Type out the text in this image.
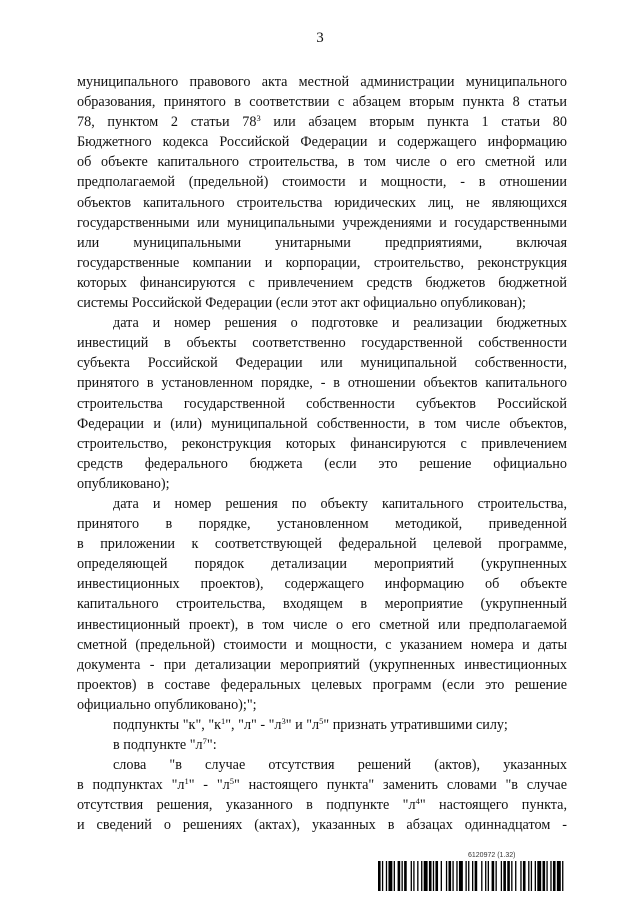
3
муниципального правового акта местной администрации муниципального
образования, принятого в соответствии с абзацем вторым пункта 8 статьи
78, пунктом 2 статьи $78^3$ или абзацем вторым пункта 1 статьи 80
Бюджетного кодекса Российской Федерации и содержащего информацию
об объекте капитального строительства, в том числе о его сметной или
предполагаемой (предельной) стоимости и мощности, - в отношении
объектов капитального строительства юридических лиц, не являющихся
государственными или муниципальными учреждениями и государственными
или муниципальными унитарными предприятиями, включая
государственные компании и корпорации, строительство, реконструкция
которых финансируются с привлечением средств бюджетов бюджетной
системы Российской Федерации (если этот акт официально опубликован);
дата и номер решения о подготовке и реализации бюджетных
инвестиций в объекты соответственно государственной собственности
субъекта Российской Федерации или муниципальной собственности,
принятого в установленном порядке, - в отношении объектов капитального
строительства государственной собственности субъектов Российской
Федерации и (или) муниципальной собственности, в том числе объектов,
строительство, реконструкция которых финансируются с привлечением
средств федерального бюджета (если это решение официально
опубликовано);
дата и номер решения по объекту капитального строительства,
принятого в порядке, установленном методикой, приведенной
в приложении к соответствующей федеральной целевой программе,
определяющей порядок детализации мероприятий (укрупненных
инвестиционных проектов), содержащего информацию об объекте
капитального строительства, входящем в мероприятие (укрупненный
инвестиционный проект), в том числе о его сметной или предполагаемой
сметной (предельной) стоимости и мощности, с указанием номера и даты
документа - при детализации мероприятий (укрупненных инвестиционных
проектов) в составе федеральных целевых программ (если это решение
официально опубликовано);";
подпункты "к", "$к^1$", "л" - "$л^3$" и "$л^5$" признать утратившими силу;
в подпункте "$л^7$":
слова "в случае отсутствия решений (актов), указанных
в подпунктах "$л^1$" - "$л^5$" настоящего пункта" заменить словами "в случае
отсутствия решения, указанного в подпункте "$л^4$" настоящего пункта,
и сведений о решениях (актах), указанных в абзацах одиннадцатом -
6120972 (1.32)
